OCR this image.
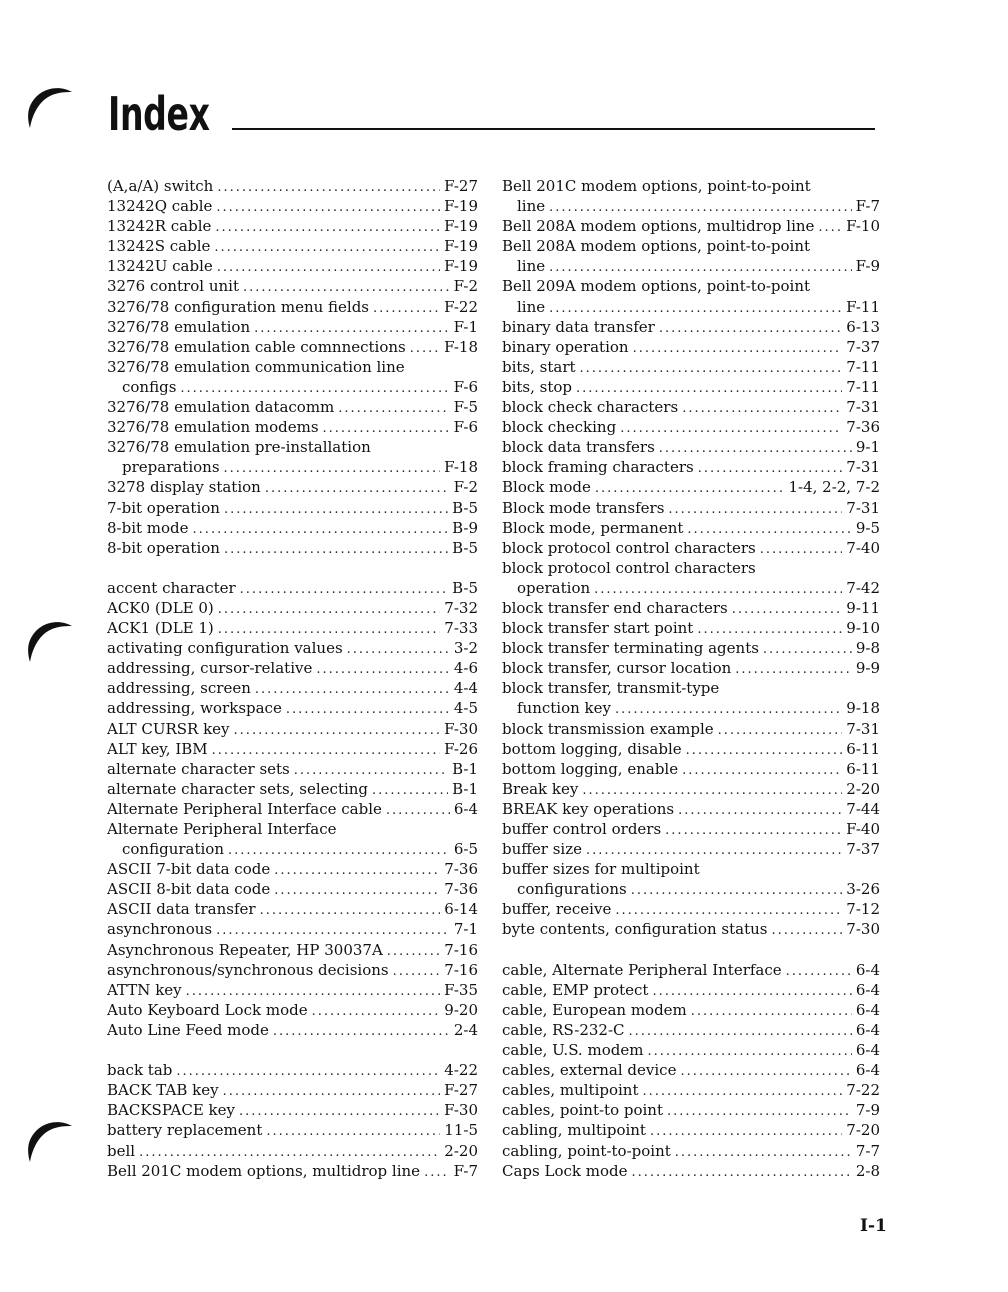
Index
(A,a/A) switch .....	F-27
13242Q cable .....	F-19
13242R cable .....	F-19
13242S cable .....	F-19
13242U cable .....	F-19
3276 control unit .....	F-2
3276/78 configuration menu fields .....	F-22
3276/78 emulation .....	F-1
3276/78 emulation cable comnnections .....	F-18
3276/78 emulation communication line
configs .....	F-6
3276/78 emulation datacomm .....	F-5
3276/78 emulation modems .....	F-6
3276/78 emulation pre-installation
preparations .....	F-18
3278 display station .....	F-2
7-bit operation .....	B-5
8-bit mode .....	B-9
8-bit operation .....	B-5
accent character .....	B-5
ACK0 (DLE 0) .....	7-32
ACK1 (DLE 1) .....	7-33
activating configuration values .....	3-2
addressing, cursor-relative .....	4-6
addressing, screen .....	4-4
addressing, workspace .....	4-5
ALT CURSR key .....	F-30
ALT key, IBM .....	F-26
alternate character sets .....	B-1
alternate character sets, selecting .....	B-1
Alternate Peripheral Interface cable .....	6-4
Alternate Peripheral Interface
configuration .....	6-5
ASCII 7-bit data code .....	7-36
ASCII 8-bit data code .....	7-36
ASCII data transfer .....	6-14
asynchronous .....	7-1
Asynchronous Repeater, HP 30037A .....	7-16
asynchronous/synchronous decisions .....	7-16
ATTN key .....	F-35
Auto Keyboard Lock mode .....	9-20
Auto Line Feed mode .....	2-4
back tab .....	4-22
BACK TAB key .....	F-27
BACKSPACE key .....	F-30
battery replacement .....	11-5
bell .....	2-20
Bell 201C modem options, multidrop line ..... F-7
Bell 201C modem options, point-to-point
line .....	F-7
Bell 208A modem options, multidrop line ..... F-10
Bell 208A modem options, point-to-point
line .....	F-9
Bell 209A modem options, point-to-point
line .....	F-11
binary data transfer .....	6-13
binary operation .....	7-37
bits, start .....	7-11
bits, stop .....	7-11
block check characters .....	7-31
block checking .....	7-36
block data transfers .....	9-1
block framing characters .....	7-31
Block mode .....	1-4, 2-2, 7-2
Block mode transfers .....	7-31
Block mode, permanent .....	9-5
block protocol control characters .....	7-40
block protocol control characters
operation .....	7-42
block transfer end characters .....	9-11
block transfer start point .....	9-10
block transfer terminating agents .....	9-8
block transfer, cursor location .....	9-9
block transfer, transmit-type
function key .....	9-18
block transmission example .....	7-31
bottom logging, disable .....	6-11
bottom logging, enable .....	6-11
Break key .....	2-20
BREAK key operations .....	7-44
buffer control orders .....	F-40
buffer size .....	7-37
buffer sizes for multipoint
configurations .....	3-26
buffer, receive .....	7-12
byte contents, configuration status .....	7-30
cable, Alternate Peripheral Interface .....	6-4
cable, EMP protect .....	6-4
cable, European modem .....	6-4
cable, RS-232-C .....	6-4
cable, U.S. modem .....	6-4
cables, external device .....	6-4
cables, multipoint .....	7-22
cables, point-to point .....	7-9
cabling, multipoint .....	7-20
cabling, point-to-point .....	7-7
Caps Lock mode .....	2-8
I-1
